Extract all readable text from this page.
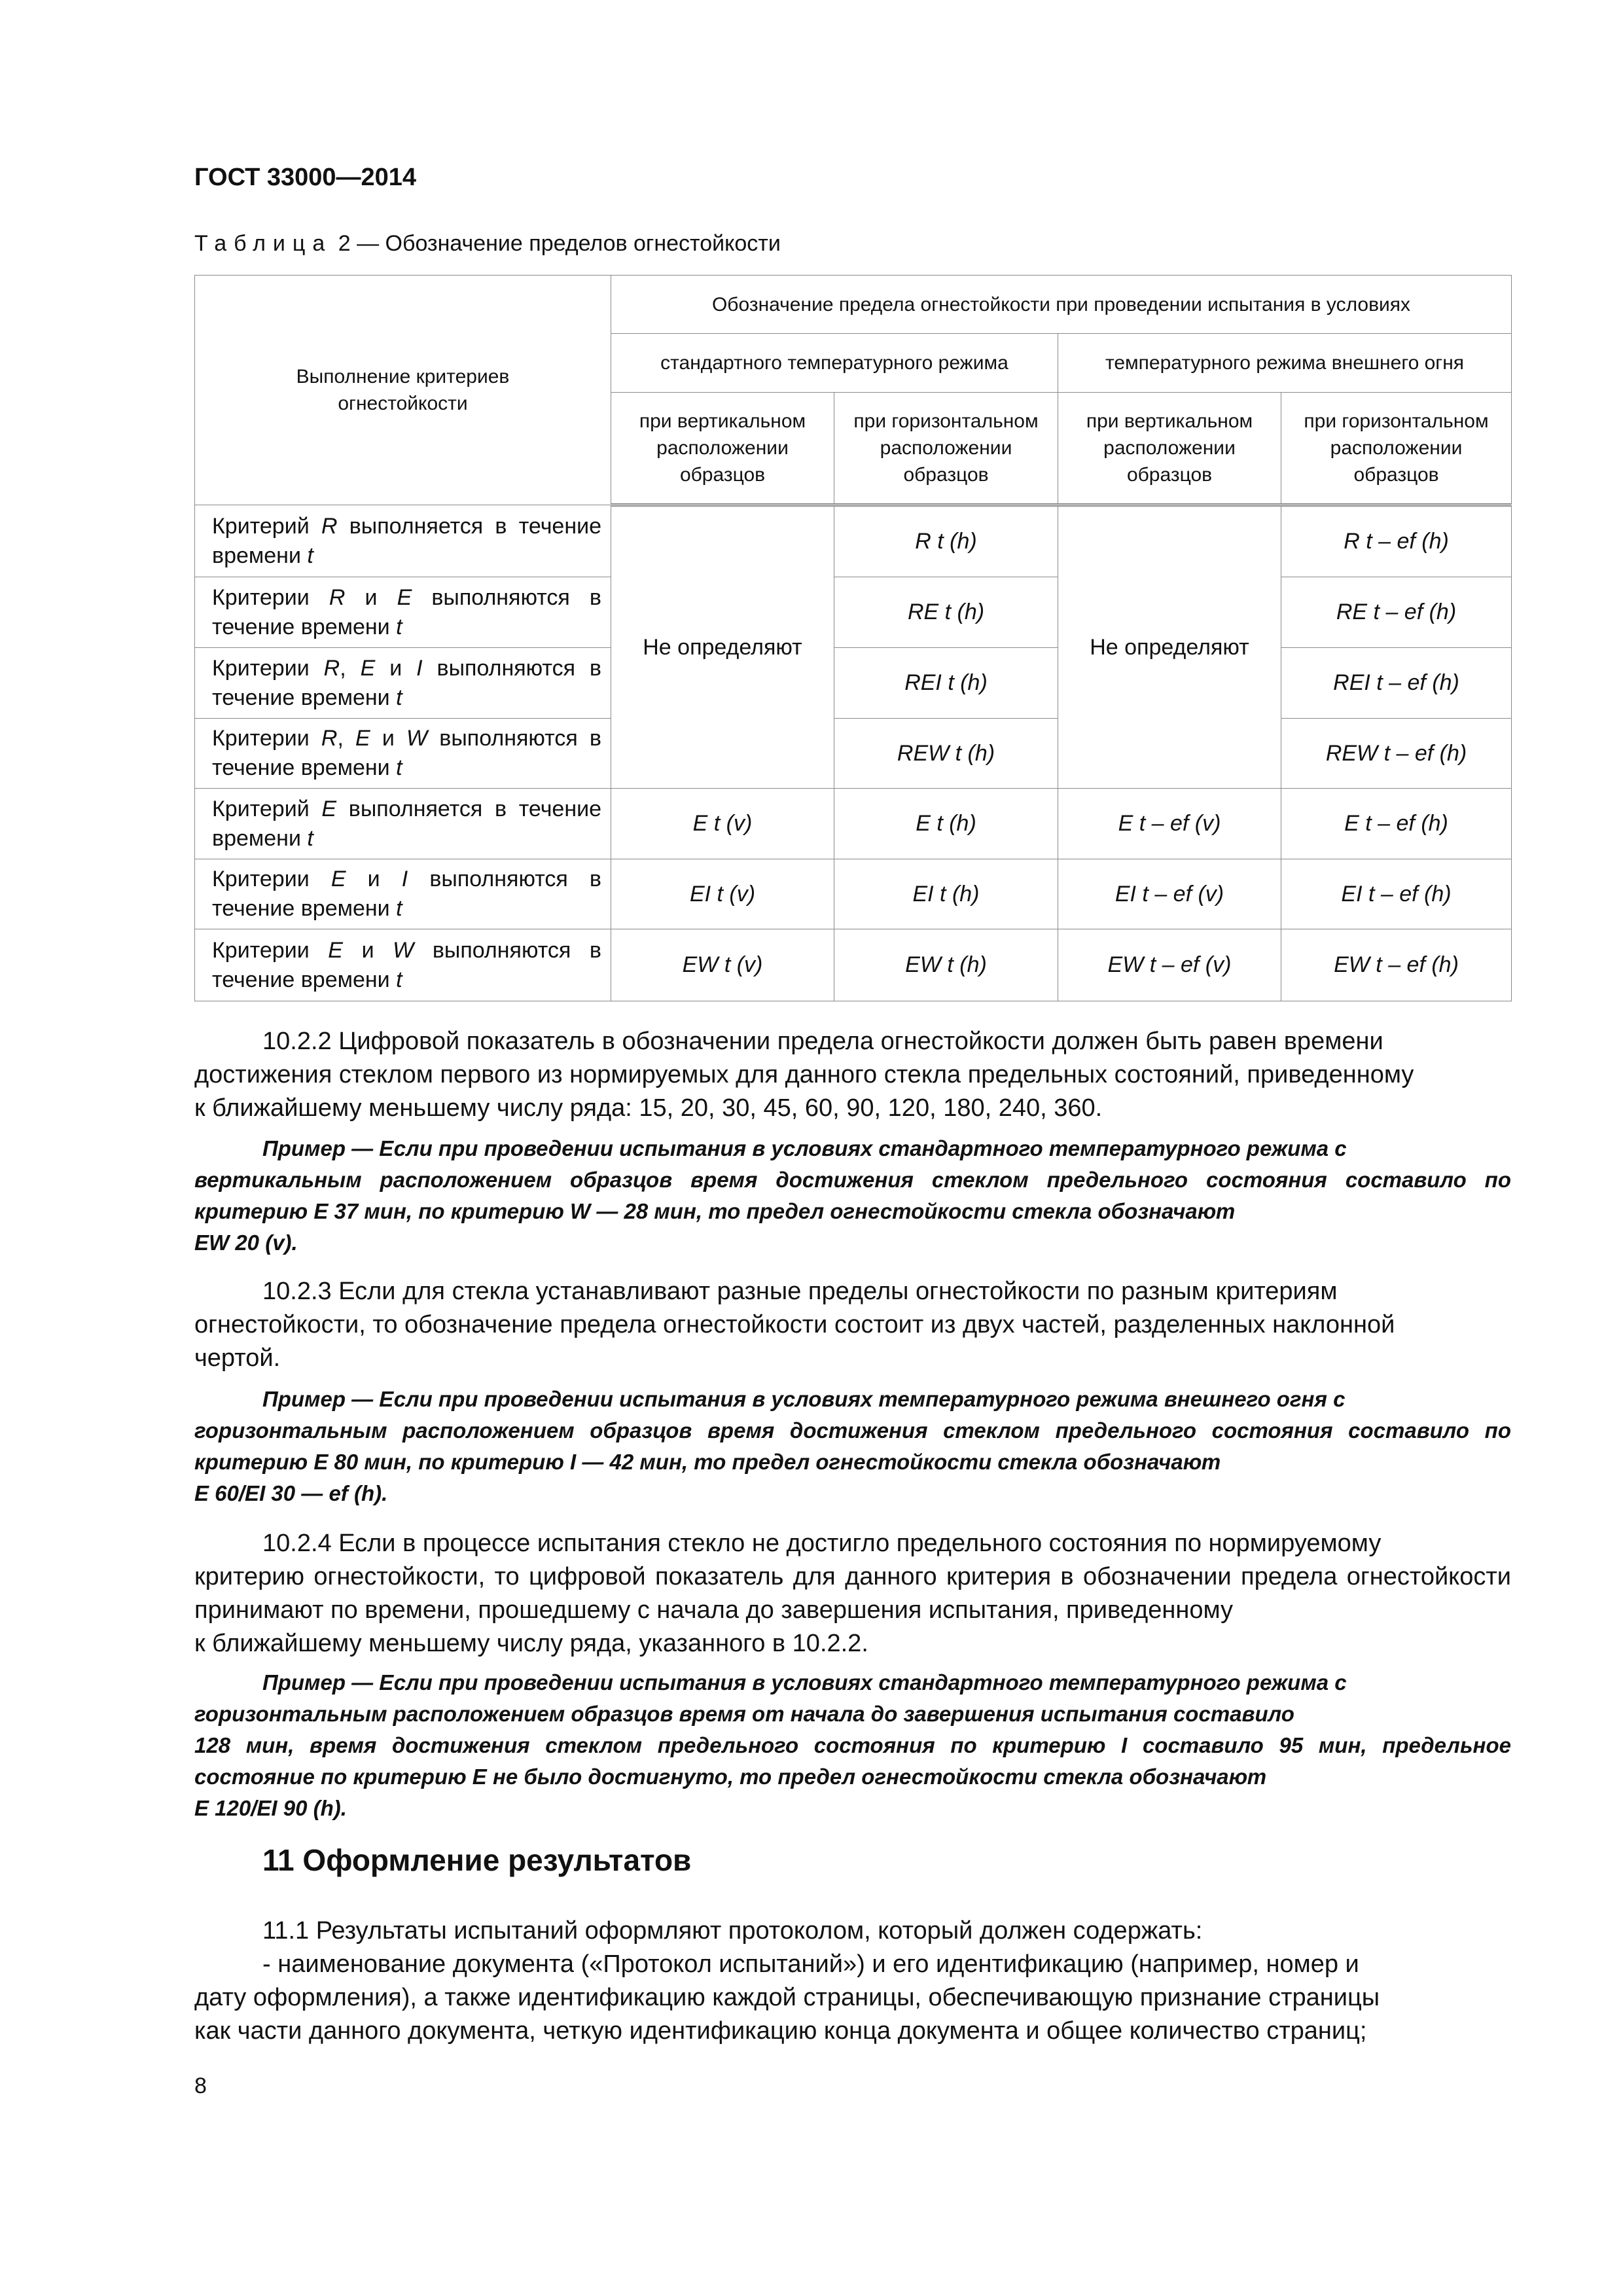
ГОСТ 33000—2014
Таблица 2 — Обозначение пределов огнестойкости
Выполнение критериев огнестойкости	Обозначение предела огнестойкости при проведении испытания в условиях			
	стандартного температурного режима		температурного режима внешнего огня	
	при вертикальном расположении образцов	при горизонтальном расположении образцов	при вертикальном расположении образцов	при горизонтальном расположении образцов
Критерий R выполняется в течение времени t	Не определяют	R t (h)	Не определяют	R t – ef (h)
Критерии R и E выполняются в течение времени t		RE t (h)		RE t – ef (h)
Критерии R, E и I выполняются в течение времени t		REI t (h)		REI t – ef (h)
Критерии R, E и W выполняются в течение времени t		REW t (h)		REW t – ef (h)
Критерий E выполняется в течение времени t	E t (v)	E t (h)	E t – ef (v)	E t – ef (h)
Критерии E и I выполняются в течение времени t	EI t (v)	EI t (h)	EI t – ef (v)	EI t – ef (h)
Критерии E и W выполняются в течение времени t	EW t (v)	EW t (h)	EW t – ef (v)	EW t – ef (h)
10.2.2 Цифровой показатель в обозначении предела огнестойкости должен быть равен времени
достижения стеклом первого из нормируемых для данного стекла предельных состояний, приведенному
к ближайшему меньшему числу ряда: 15, 20, 30, 45, 60, 90, 120, 180, 240, 360.
Пример — Если при проведении испытания в условиях стандартного температурного режима с
вертикальным расположением образцов время достижения стеклом предельного состояния составило по критерию E 37 мин, по критерию W — 28 мин, то предел огнестойкости стекла обозначают
EW 20 (v).
10.2.3 Если для стекла устанавливают разные пределы огнестойкости по разным критериям
огнестойкости, то обозначение предела огнестойкости состоит из двух частей, разделенных наклонной
чертой.
Пример — Если при проведении испытания в условиях температурного режима внешнего огня с
горизонтальным расположением образцов время достижения стеклом предельного состояния составило по критерию E 80 мин, по критерию I — 42 мин, то предел огнестойкости стекла обозначают
E 60/EI 30 — ef (h).
10.2.4 Если в процессе испытания стекло не достигло предельного состояния по нормируемому
критерию огнестойкости, то цифровой показатель для данного критерия в обозначении предела огнестойкости принимают по времени, прошедшему с начала до завершения испытания, приведенному
к ближайшему меньшему числу ряда, указанного в 10.2.2.
Пример — Если при проведении испытания в условиях стандартного температурного режима с
горизонтальным расположением образцов время от начала до завершения испытания составило
128 мин, время достижения стеклом предельного состояния по критерию I составило 95 мин, предельное состояние по критерию E не было достигнуто, то предел огнестойкости стекла обозначают
E 120/EI 90 (h).
11 Оформление результатов
11.1 Результаты испытаний оформляют протоколом, который должен содержать:
- наименование документа («Протокол испытаний») и его идентификацию (например, номер и
дату оформления), а также идентификацию каждой страницы, обеспечивающую признание страницы
как части данного документа, четкую идентификацию конца документа и общее количество страниц;
8
